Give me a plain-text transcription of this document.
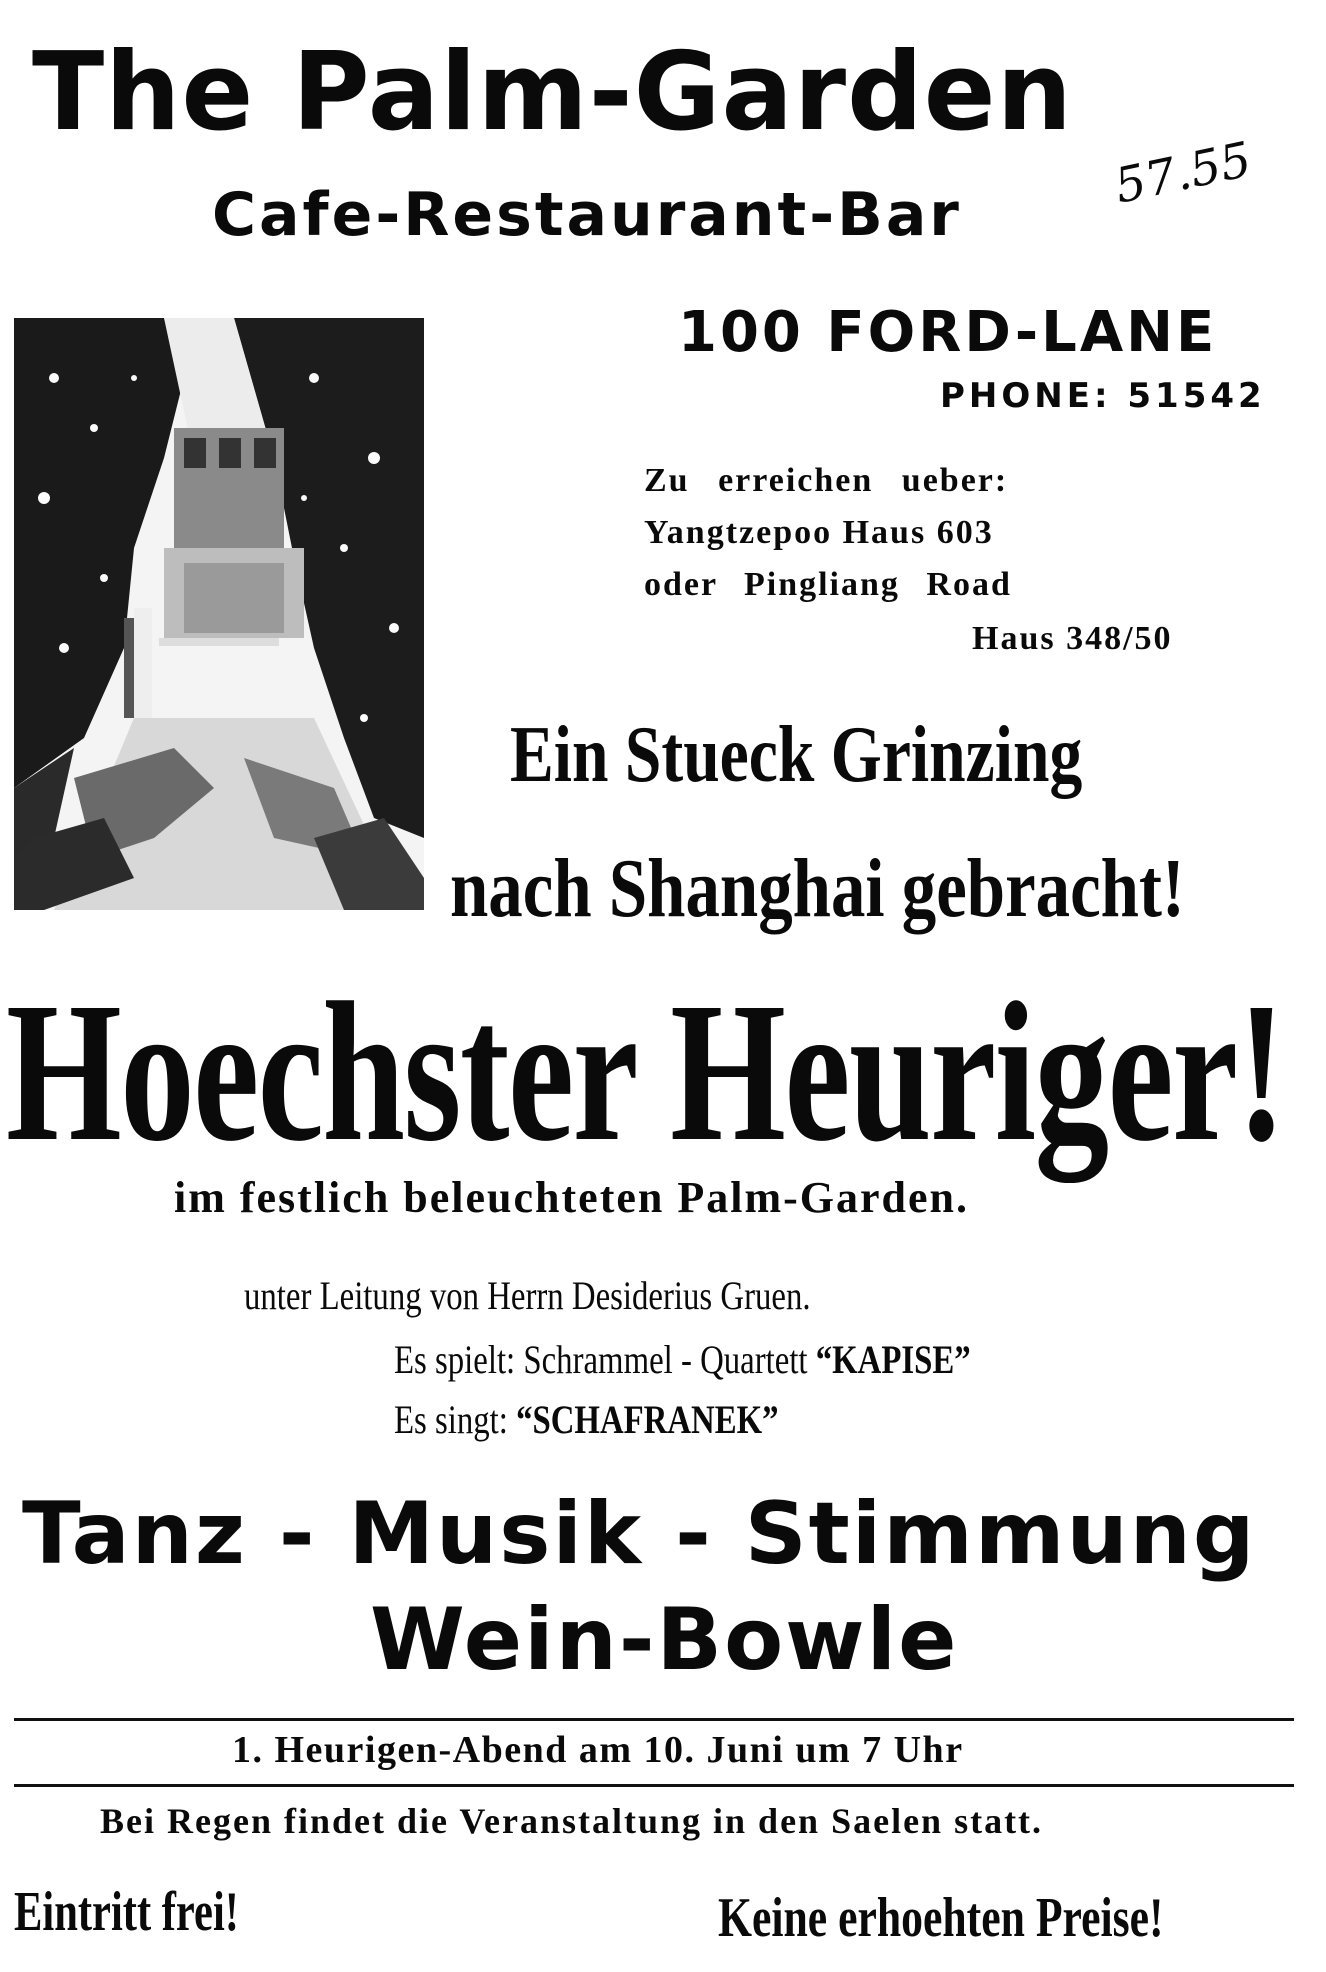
The Palm-Garden
Cafe-Restaurant-Bar
57.55
100 FORD-LANE
PHONE: 51542
Zu erreichen ueber:
Yangtzepoo Haus 603
oder Pingliang Road
Haus 348/50
Ein Stueck Grinzing
nach Shanghai gebracht!
Hoechster Heuriger!
im festlich beleuchteten Palm-Garden.
unter Leitung von Herrn Desiderius Gruen.
Es spielt: Schrammel - Quartett “KAPISE”
Es singt: “SCHAFRANEK”
Tanz - Musik - Stimmung
Wein-Bowle
1. Heurigen-Abend am 10. Juni um 7 Uhr
Bei Regen findet die Veranstaltung in den Saelen statt.
Eintritt frei!	Keine erhoehten Preise!
